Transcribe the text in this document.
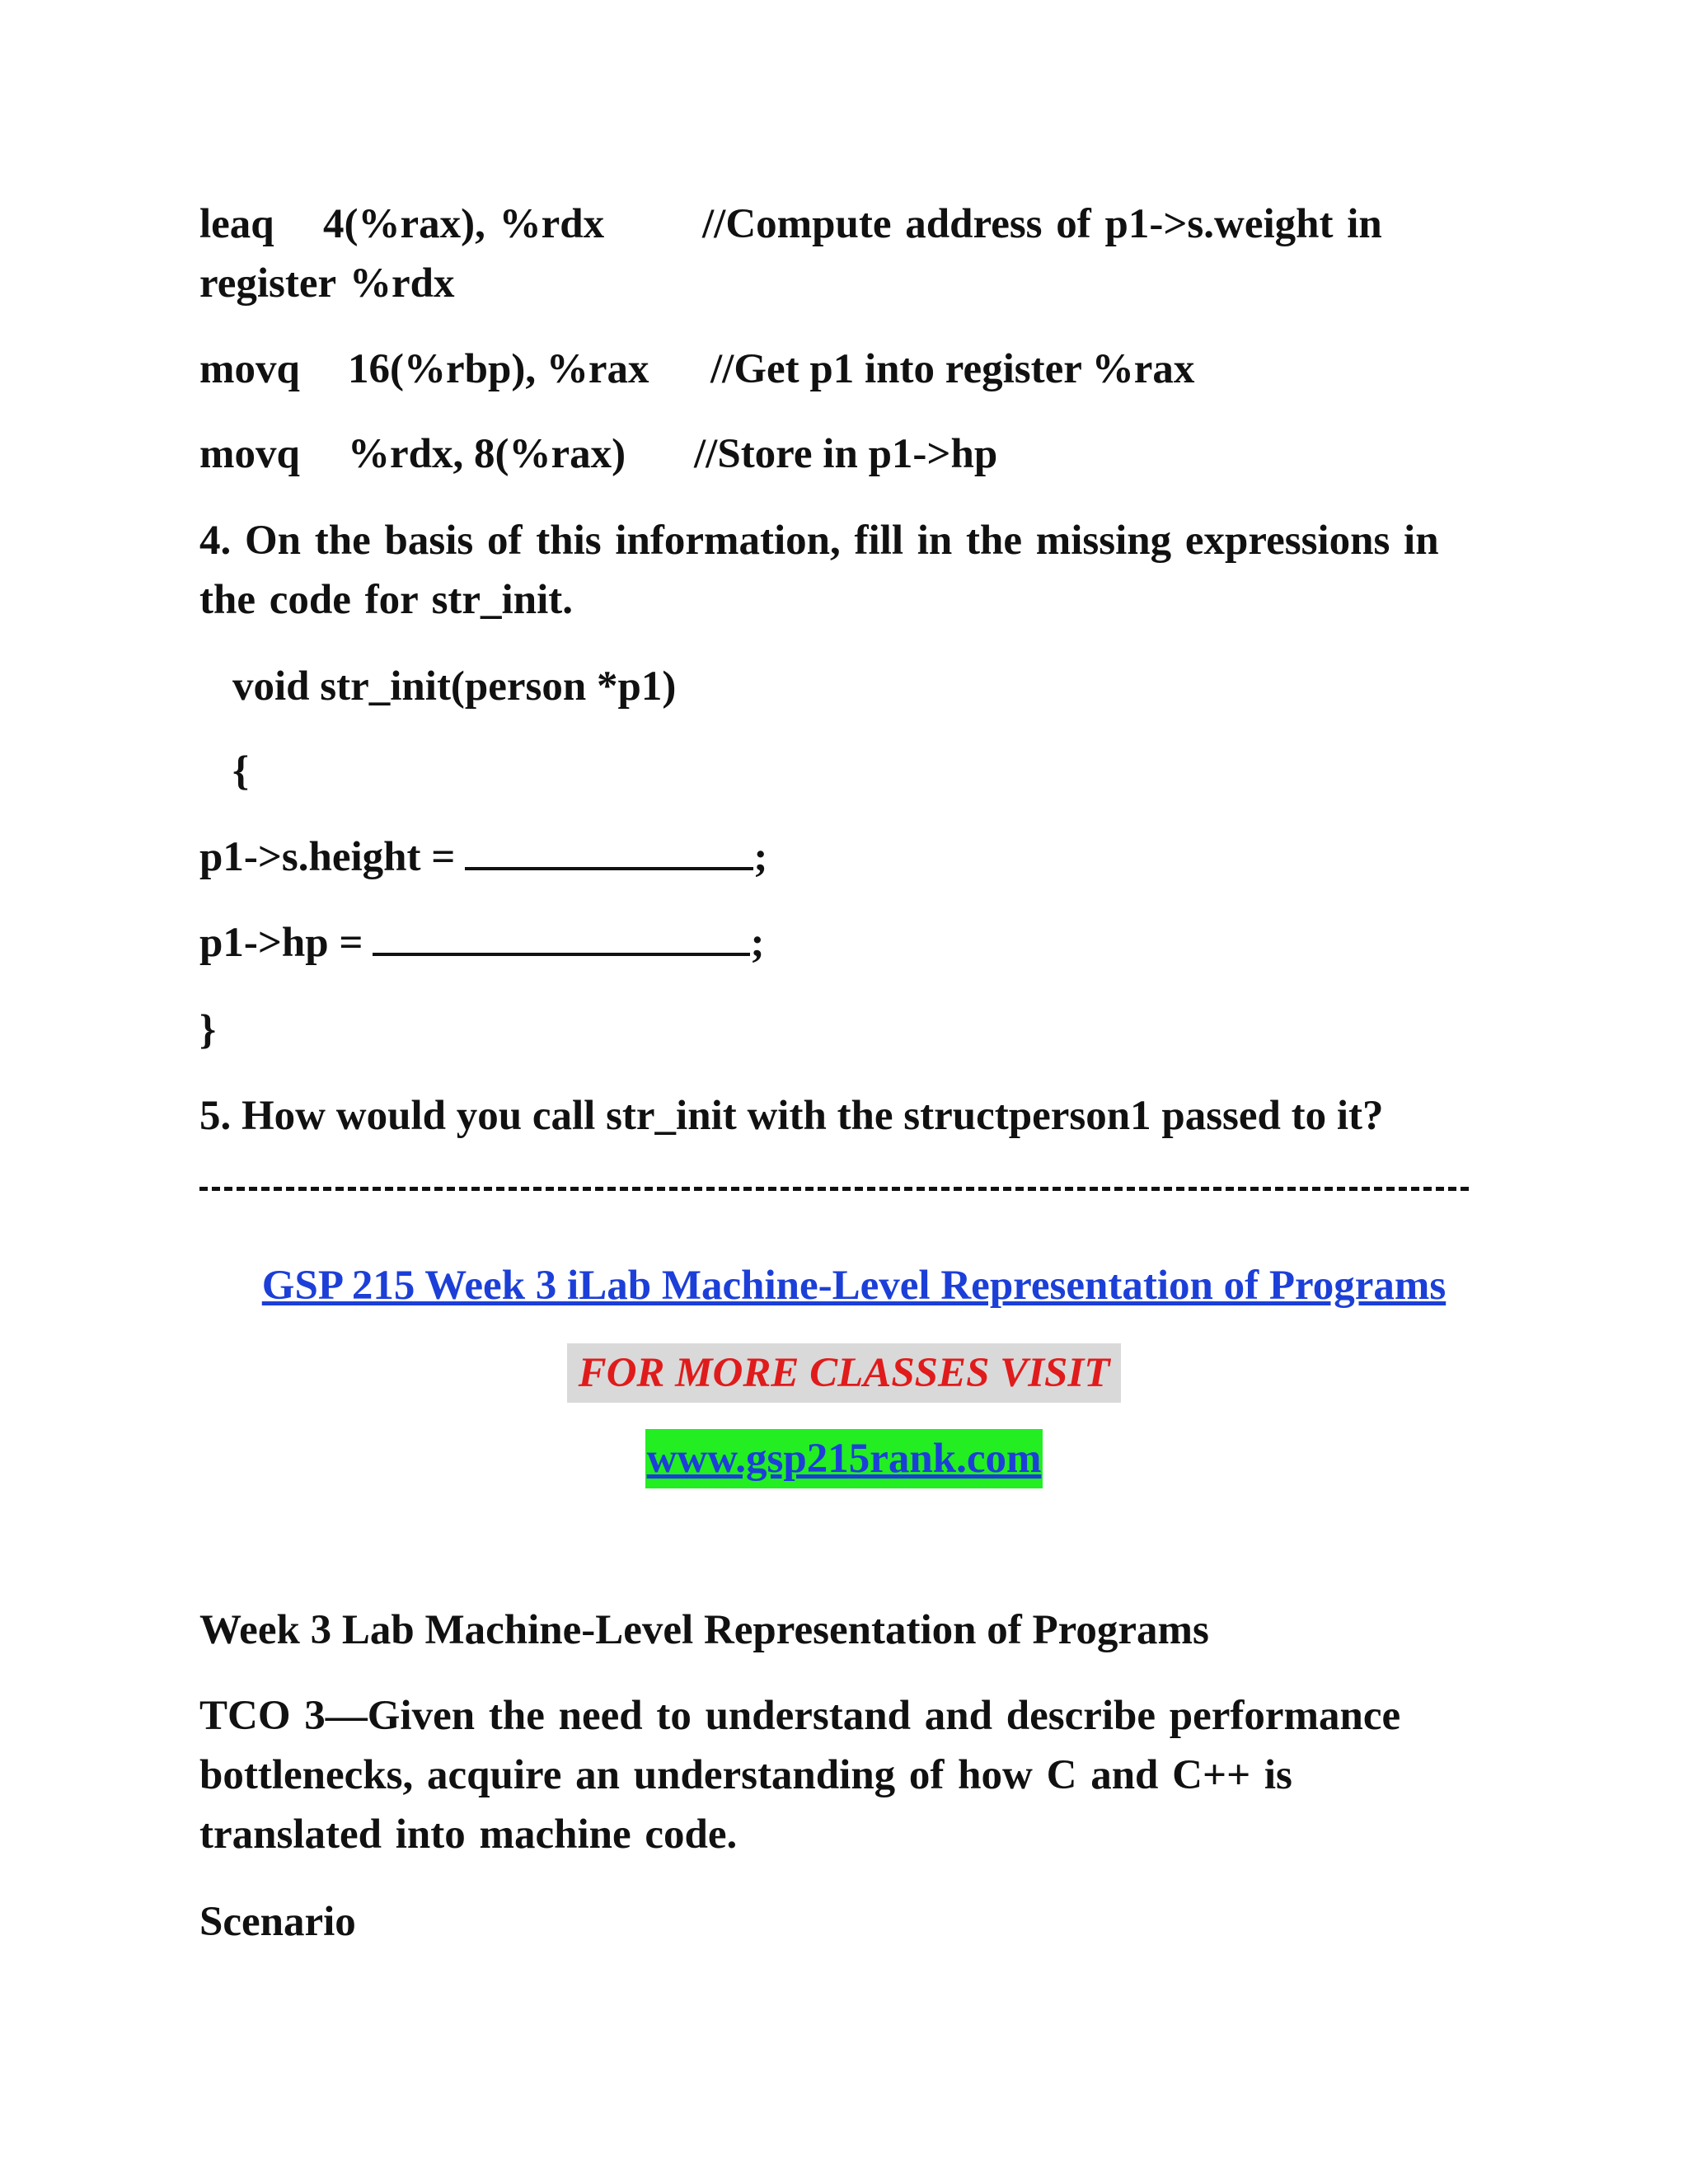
leaq 4(%rax), %rdx //Compute address of p1->s.weight in register %rdx
movq 16(%rbp), %rax //Get p1 into register %rax
movq %rdx, 8(%rax) //Store in p1->hp
4. On the basis of this information, fill in the missing expressions in the code for str_init.
void str_init(person *p1)
{
p1->s.height =	;
p1->hp =	;
}
5. How would you call str_init with the structperson1 passed to it?
GSP 215 Week 3 iLab Machine-Level Representation of Programs
FOR MORE CLASSES VISIT
www.gsp215rank.com
Week 3 Lab Machine-Level Representation of Programs
TCO 3—Given the need to understand and describe performance bottlenecks, acquire an understanding of how C and C++ is translated into machine code.
Scenario
